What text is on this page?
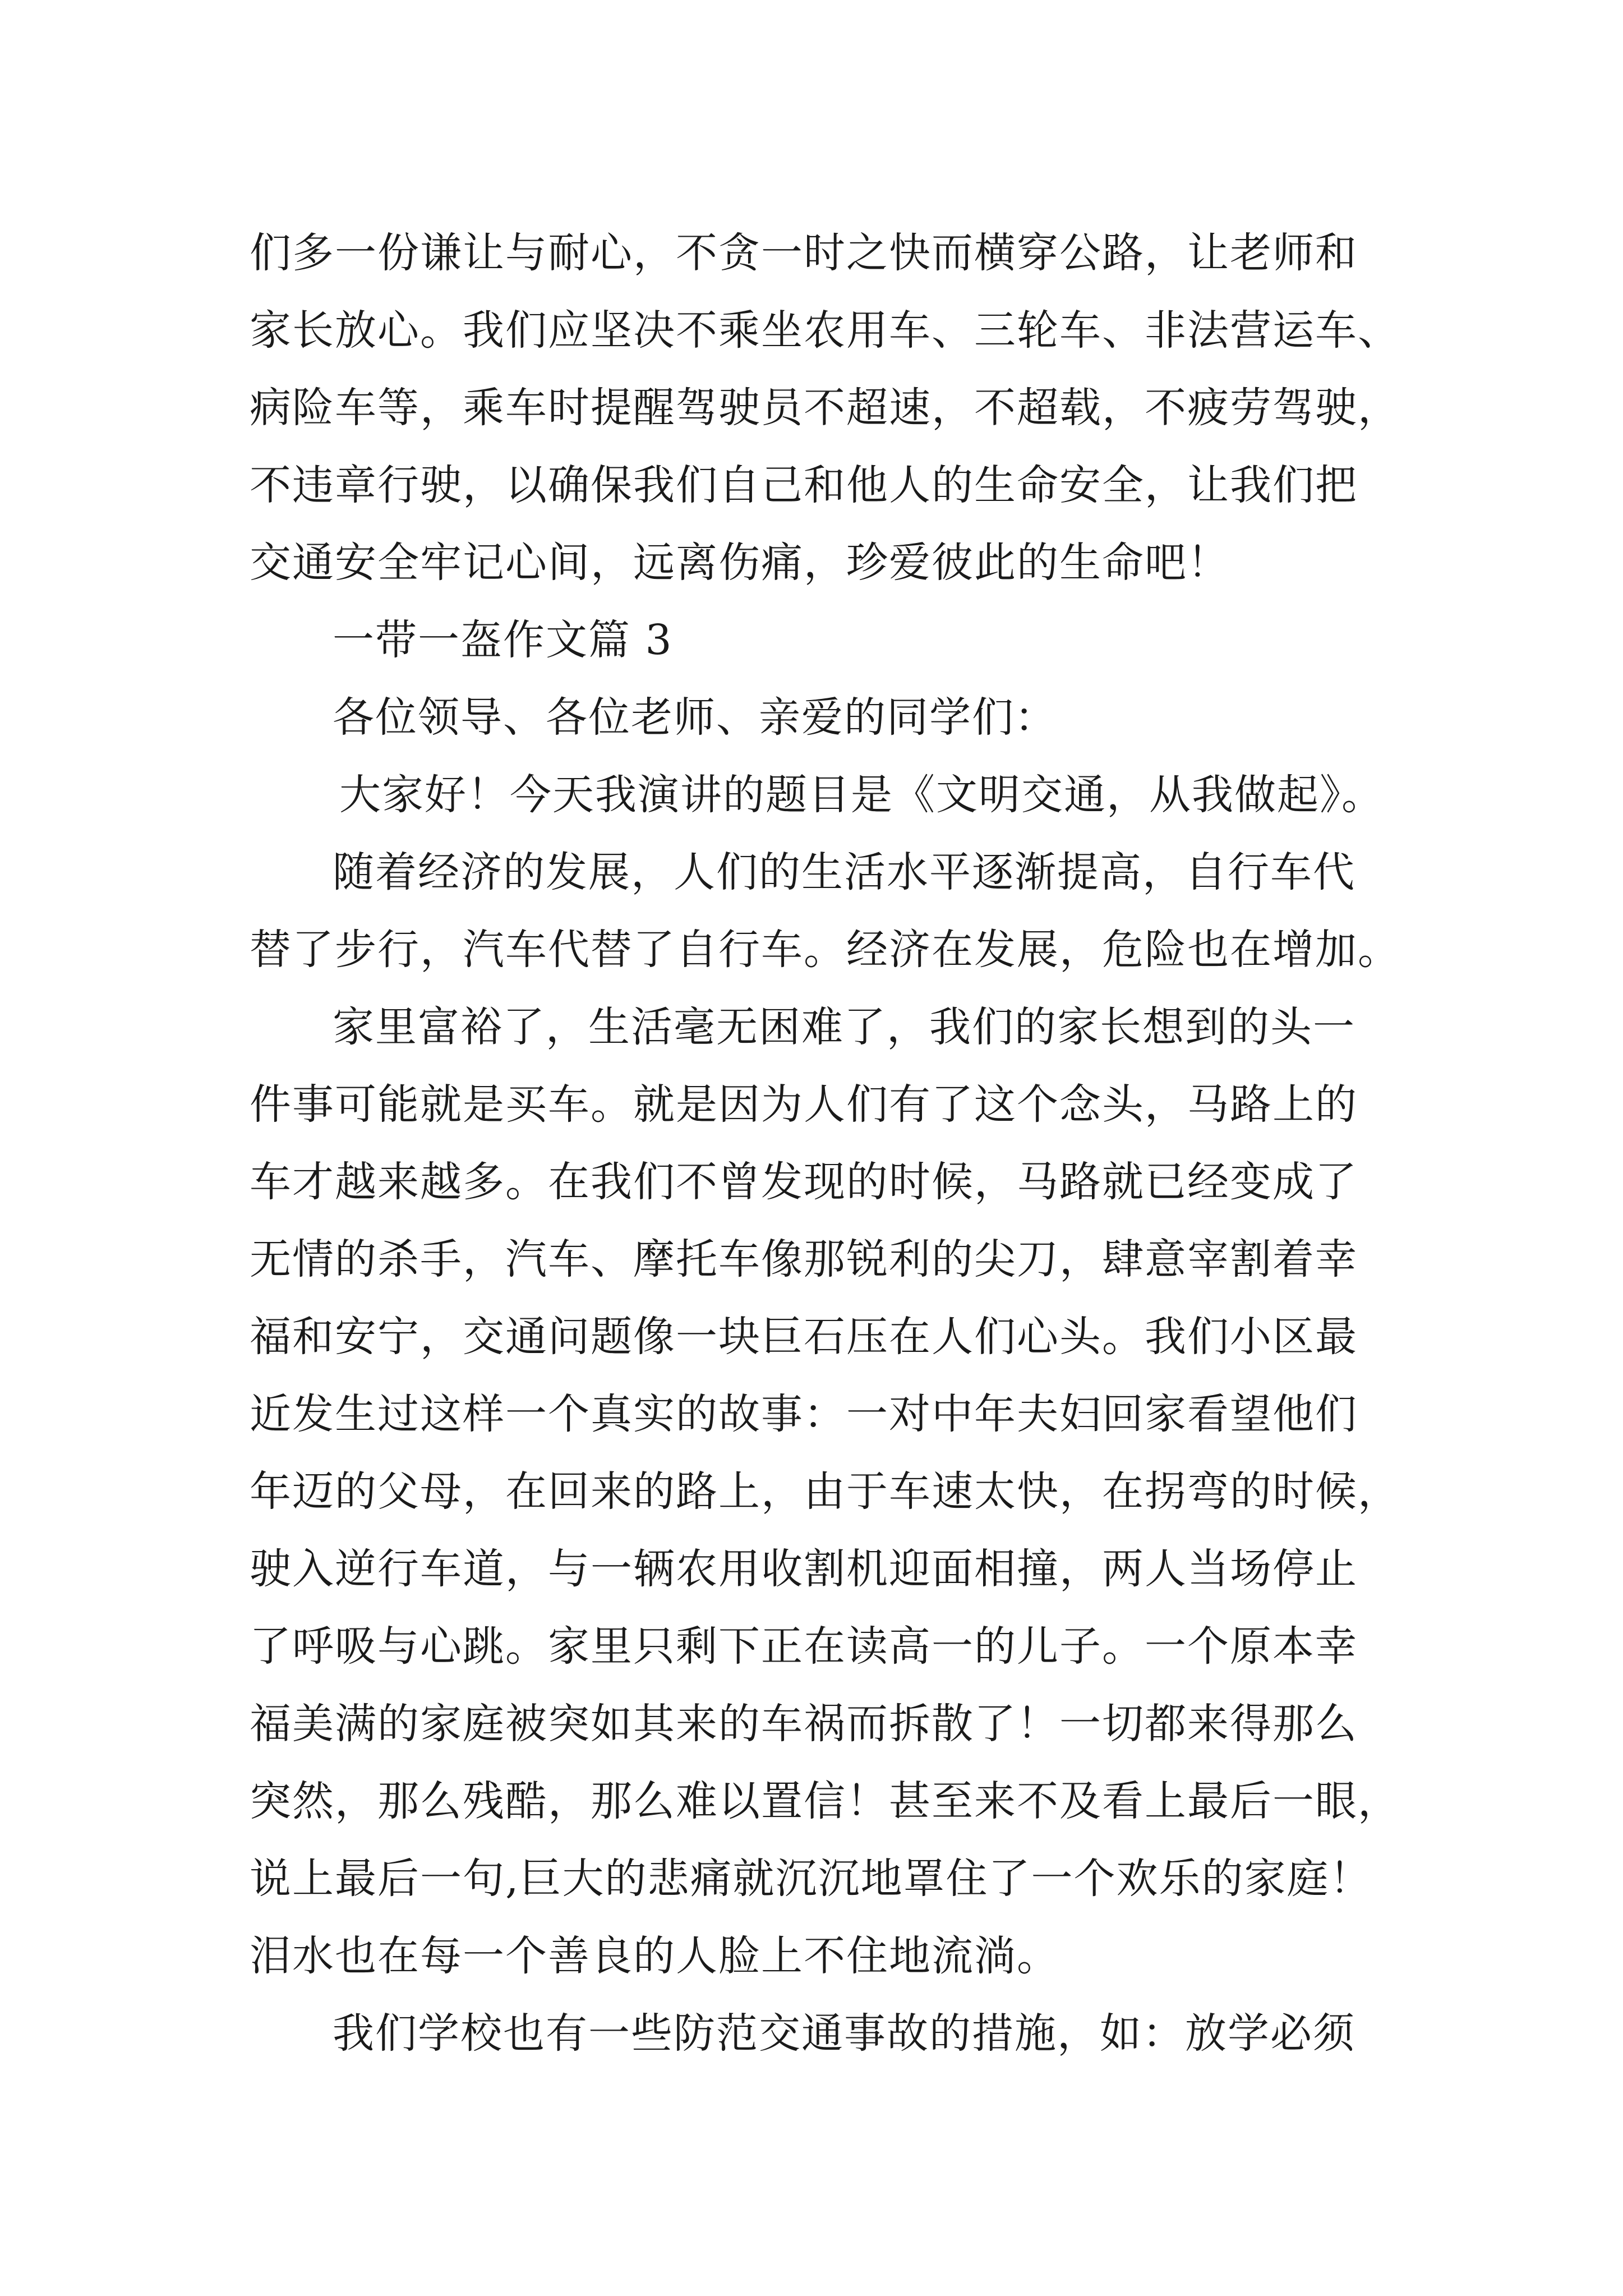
们多一份谦让与耐心，不贪一时之快而横穿公路，让老师和
家长放心。我们应坚决不乘坐农用车、三轮车、非法营运车、
病险车等，乘车时提醒驾驶员不超速，不超载，不疲劳驾驶，
不违章行驶，以确保我们自己和他人的生命安全，让我们把
交通安全牢记心间，远离伤痛，珍爱彼此的生命吧！
一带一盔作文篇 3
各位领导、各位老师、亲爱的同学们：
大家好！今天我演讲的题目是《文明交通，从我做起》。
随着经济的发展，人们的生活水平逐渐提高，自行车代
替了步行，汽车代替了自行车。经济在发展，危险也在增加。
家里富裕了，生活毫无困难了，我们的家长想到的头一
件事可能就是买车。就是因为人们有了这个念头，马路上的
车才越来越多。在我们不曾发现的时候，马路就已经变成了
无情的杀手，汽车、摩托车像那锐利的尖刀，肆意宰割着幸
福和安宁，交通问题像一块巨石压在人们心头。我们小区最
近发生过这样一个真实的故事：一对中年夫妇回家看望他们
年迈的父母，在回来的路上，由于车速太快，在拐弯的时候，
驶入逆行车道，与一辆农用收割机迎面相撞，两人当场停止
了呼吸与心跳。家里只剩下正在读高一的儿子。一个原本幸
福美满的家庭被突如其来的车祸而拆散了！一切都来得那么
突然，那么残酷，那么难以置信！甚至来不及看上最后一眼，
说上最后一句,巨大的悲痛就沉沉地罩住了一个欢乐的家庭！
泪水也在每一个善良的人脸上不住地流淌。
我们学校也有一些防范交通事故的措施，如：放学必须
